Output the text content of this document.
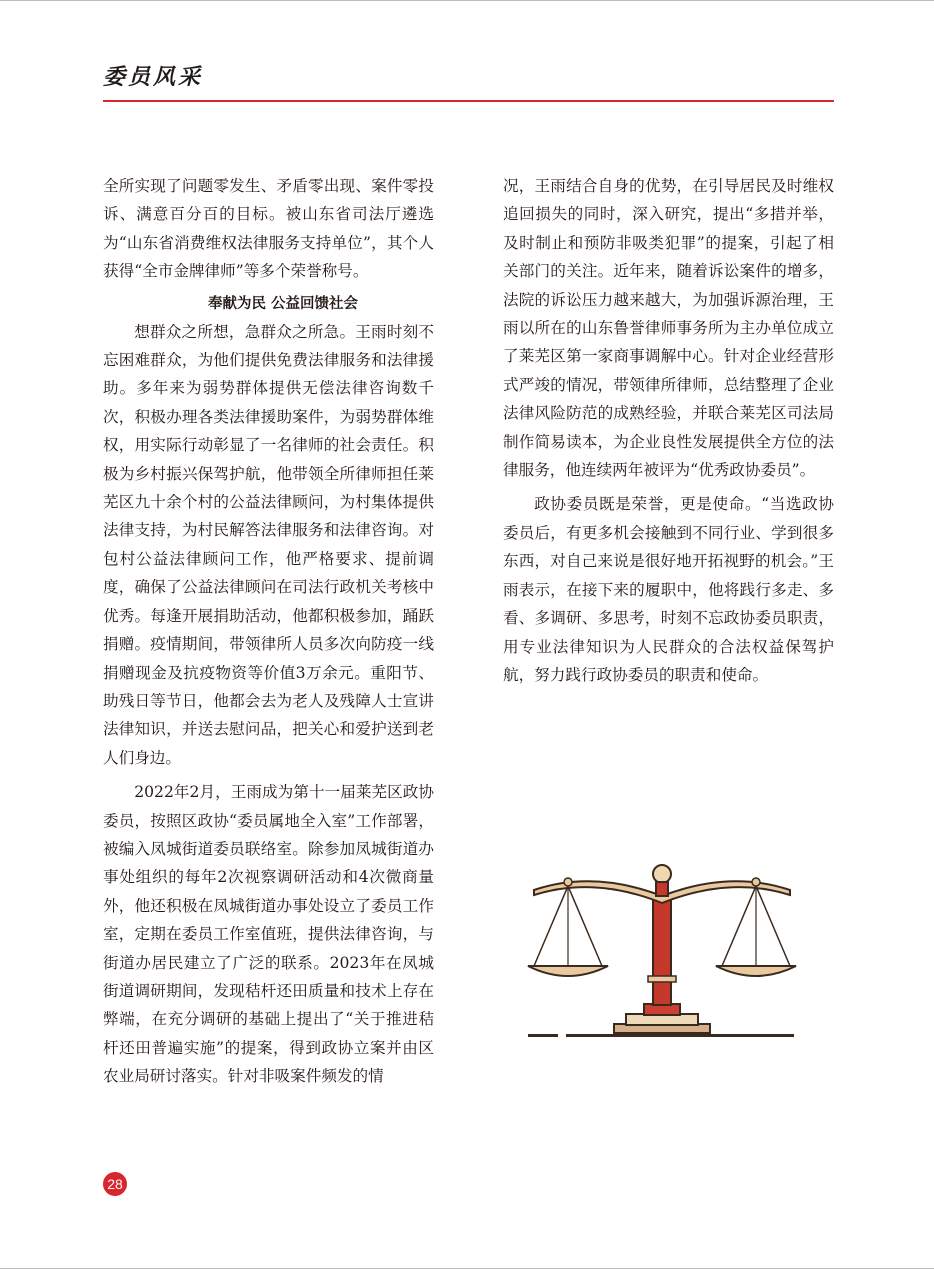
委员风采

全所实现了问题零发生、矛盾零出现、案件零投诉、满意百分百的目标。被山东省司法厅遴选为“山东省消费维权法律服务支持单位”，其个人获得“全市金牌律师”等多个荣誉称号。

奉献为民 公益回馈社会

想群众之所想，急群众之所急。王雨时刻不忘困难群众，为他们提供免费法律服务和法律援助。多年来为弱势群体提供无偿法律咨询数千次，积极办理各类法律援助案件，为弱势群体维权，用实际行动彰显了一名律师的社会责任。积极为乡村振兴保驾护航，他带领全所律师担任莱芜区九十余个村的公益法律顾问，为村集体提供法律支持，为村民解答法律服务和法律咨询。对包村公益法律顾问工作，他严格要求、提前调度，确保了公益法律顾问在司法行政机关考核中优秀。每逢开展捐助活动，他都积极参加，踊跃捐赠。疫情期间，带领律所人员多次向防疫一线捐赠现金及抗疫物资等价值3万余元。重阳节、助残日等节日，他都会去为老人及残障人士宣讲法律知识，并送去慰问品，把关心和爱护送到老人们身边。

2022年2月，王雨成为第十一届莱芜区政协委员，按照区政协“委员属地全入室”工作部署，被编入凤城街道委员联络室。除参加凤城街道办事处组织的每年2次视察调研活动和4次微商量外，他还积极在凤城街道办事处设立了委员工作室，定期在委员工作室值班，提供法律咨询，与街道办居民建立了广泛的联系。2023年在凤城街道调研期间，发现秸杆还田质量和技术上存在弊端，在充分调研的基础上提出了“关于推进秸杆还田普遍实施”的提案，得到政协立案并由区农业局研讨落实。针对非吸案件频发的情

况，王雨结合自身的优势，在引导居民及时维权追回损失的同时，深入研究，提出“多措并举，及时制止和预防非吸类犯罪”的提案，引起了相关部门的关注。近年来，随着诉讼案件的增多，法院的诉讼压力越来越大，为加强诉源治理，王雨以所在的山东鲁誉律师事务所为主办单位成立了莱芜区第一家商事调解中心。针对企业经营形式严竣的情况，带领律所律师，总结整理了企业法律风险防范的成熟经验，并联合莱芜区司法局制作简易读本，为企业良性发展提供全方位的法律服务，他连续两年被评为“优秀政协委员”。

政协委员既是荣誉，更是使命。“当选政协委员后，有更多机会接触到不同行业、学到很多东西，对自己来说是很好地开拓视野的机会。”王雨表示，在接下来的履职中，他将践行多走、多看、多调研、多思考，时刻不忘政协委员职责，用专业法律知识为人民群众的合法权益保驾护航，努力践行政协委员的职责和使命。

28
